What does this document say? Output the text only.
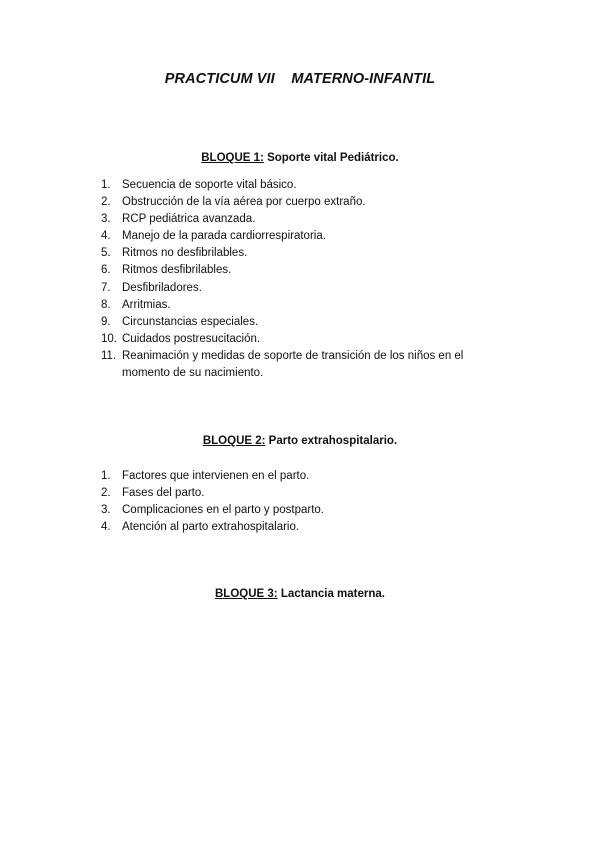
PRACTICUM VII    MATERNO-INFANTIL
BLOQUE 1: Soporte vital Pediátrico.
1. Secuencia de soporte vital básico.
2. Obstrucción de la vía aérea por cuerpo extraño.
3. RCP pediátrica avanzada.
4. Manejo de la parada cardiorrespiratoria.
5. Ritmos no desfibrilables.
6. Ritmos desfibrilables.
7. Desfibriladores.
8. Arritmias.
9. Circunstancias especiales.
10. Cuidados postresucitación.
11. Reanimación y medidas de soporte de transición de los niños en el momento de su nacimiento.
BLOQUE 2: Parto extrahospitalario.
1. Factores que intervienen en el parto.
2. Fases del parto.
3. Complicaciones en el parto y postparto.
4. Atención al parto extrahospitalario.
BLOQUE 3: Lactancia materna.
